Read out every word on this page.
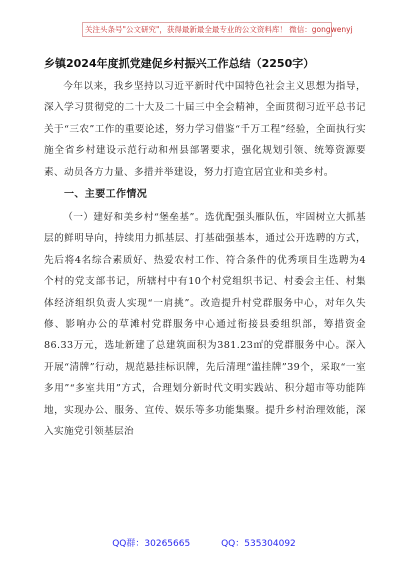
关注头条号"公文研究"，获得最新最全最专业的公文资料库！ 微信：gongwenyj
乡镇2024年度抓党建促乡村振兴工作总结（2250字）

今年以来，我乡坚持以习近平新时代中国特色社会主义思想为指导，深入学习贯彻党的二十大及二十届三中全会精神，全面贯彻习近平总书记关于“三农”工作的重要论述，努力学习借鉴“千万工程”经验，全面执行实施全省乡村建设示范行动和州县部署要求，强化规划引领、统筹资源要素、动员各方力量、多措并举建设，努力打造宜居宜业和美乡村。

一、主要工作情况

（一）建好和美乡村“堡垒基”。选优配强头雁队伍，牢固树立大抓基层的鲜明导向，持续用力抓基层、打基础强基本，通过公开选聘的方式，先后将4名综合素质好、热爱农村工作、符合条件的优秀项目生选聘为4个村的党支部书记，所辖村中有10个村党组织书记、村委会主任、村集体经济组织负责人实现“一肩挑”。改造提升村党群服务中心，对年久失修、影响办公的草滩村党群服务中心通过衔接县委组织部，筹措资金86.33万元，选址新建了总建筑面积为381.23㎡的党群服务中心。深入开展“清牌”行动，规范悬挂标识牌，先后清理“滥挂牌”39个，采取“一室多用”“多室共用”方式，合理划分新时代文明实践站、积分超市等功能阵地，实现办公、服务、宣传、娱乐等多功能集聚。提升乡村治理效能，深入实施党引领基层治

QQ群：30265665	QQ：535304092
